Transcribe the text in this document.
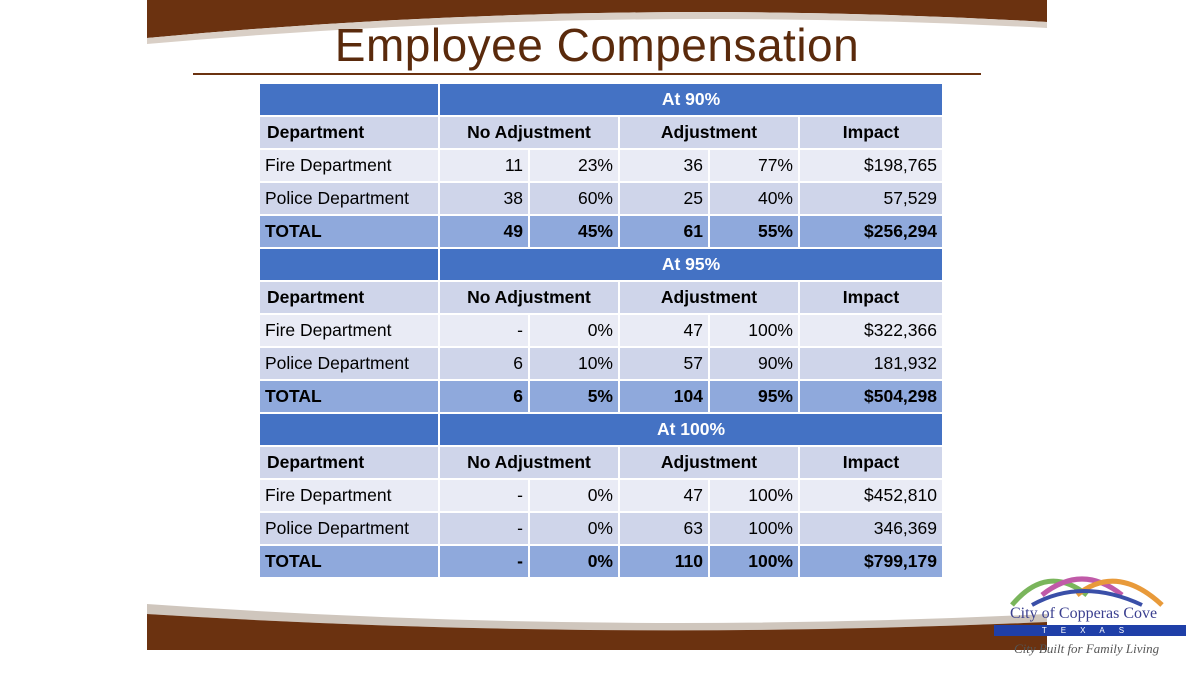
Employee Compensation
	At 90%				
Department	No Adjustment		Adjustment		Impact
Fire Department	11	23%	36	77%	$198,765
Police Department	38	60%	25	40%	57,529
TOTAL	49	45%	61	55%	$256,294
	At 95%				
Department	No Adjustment		Adjustment		Impact
Fire Department	-	0%	47	100%	$322,366
Police Department	6	10%	57	90%	181,932
TOTAL	6	5%	104	95%	$504,298
	At 100%				
Department	No Adjustment		Adjustment		Impact
Fire Department	-	0%	47	100%	$452,810
Police Department	-	0%	63	100%	346,369
TOTAL	-	0%	110	100%	$799,179
City of Copperas Cove
TEXAS
City Built for Family Living
